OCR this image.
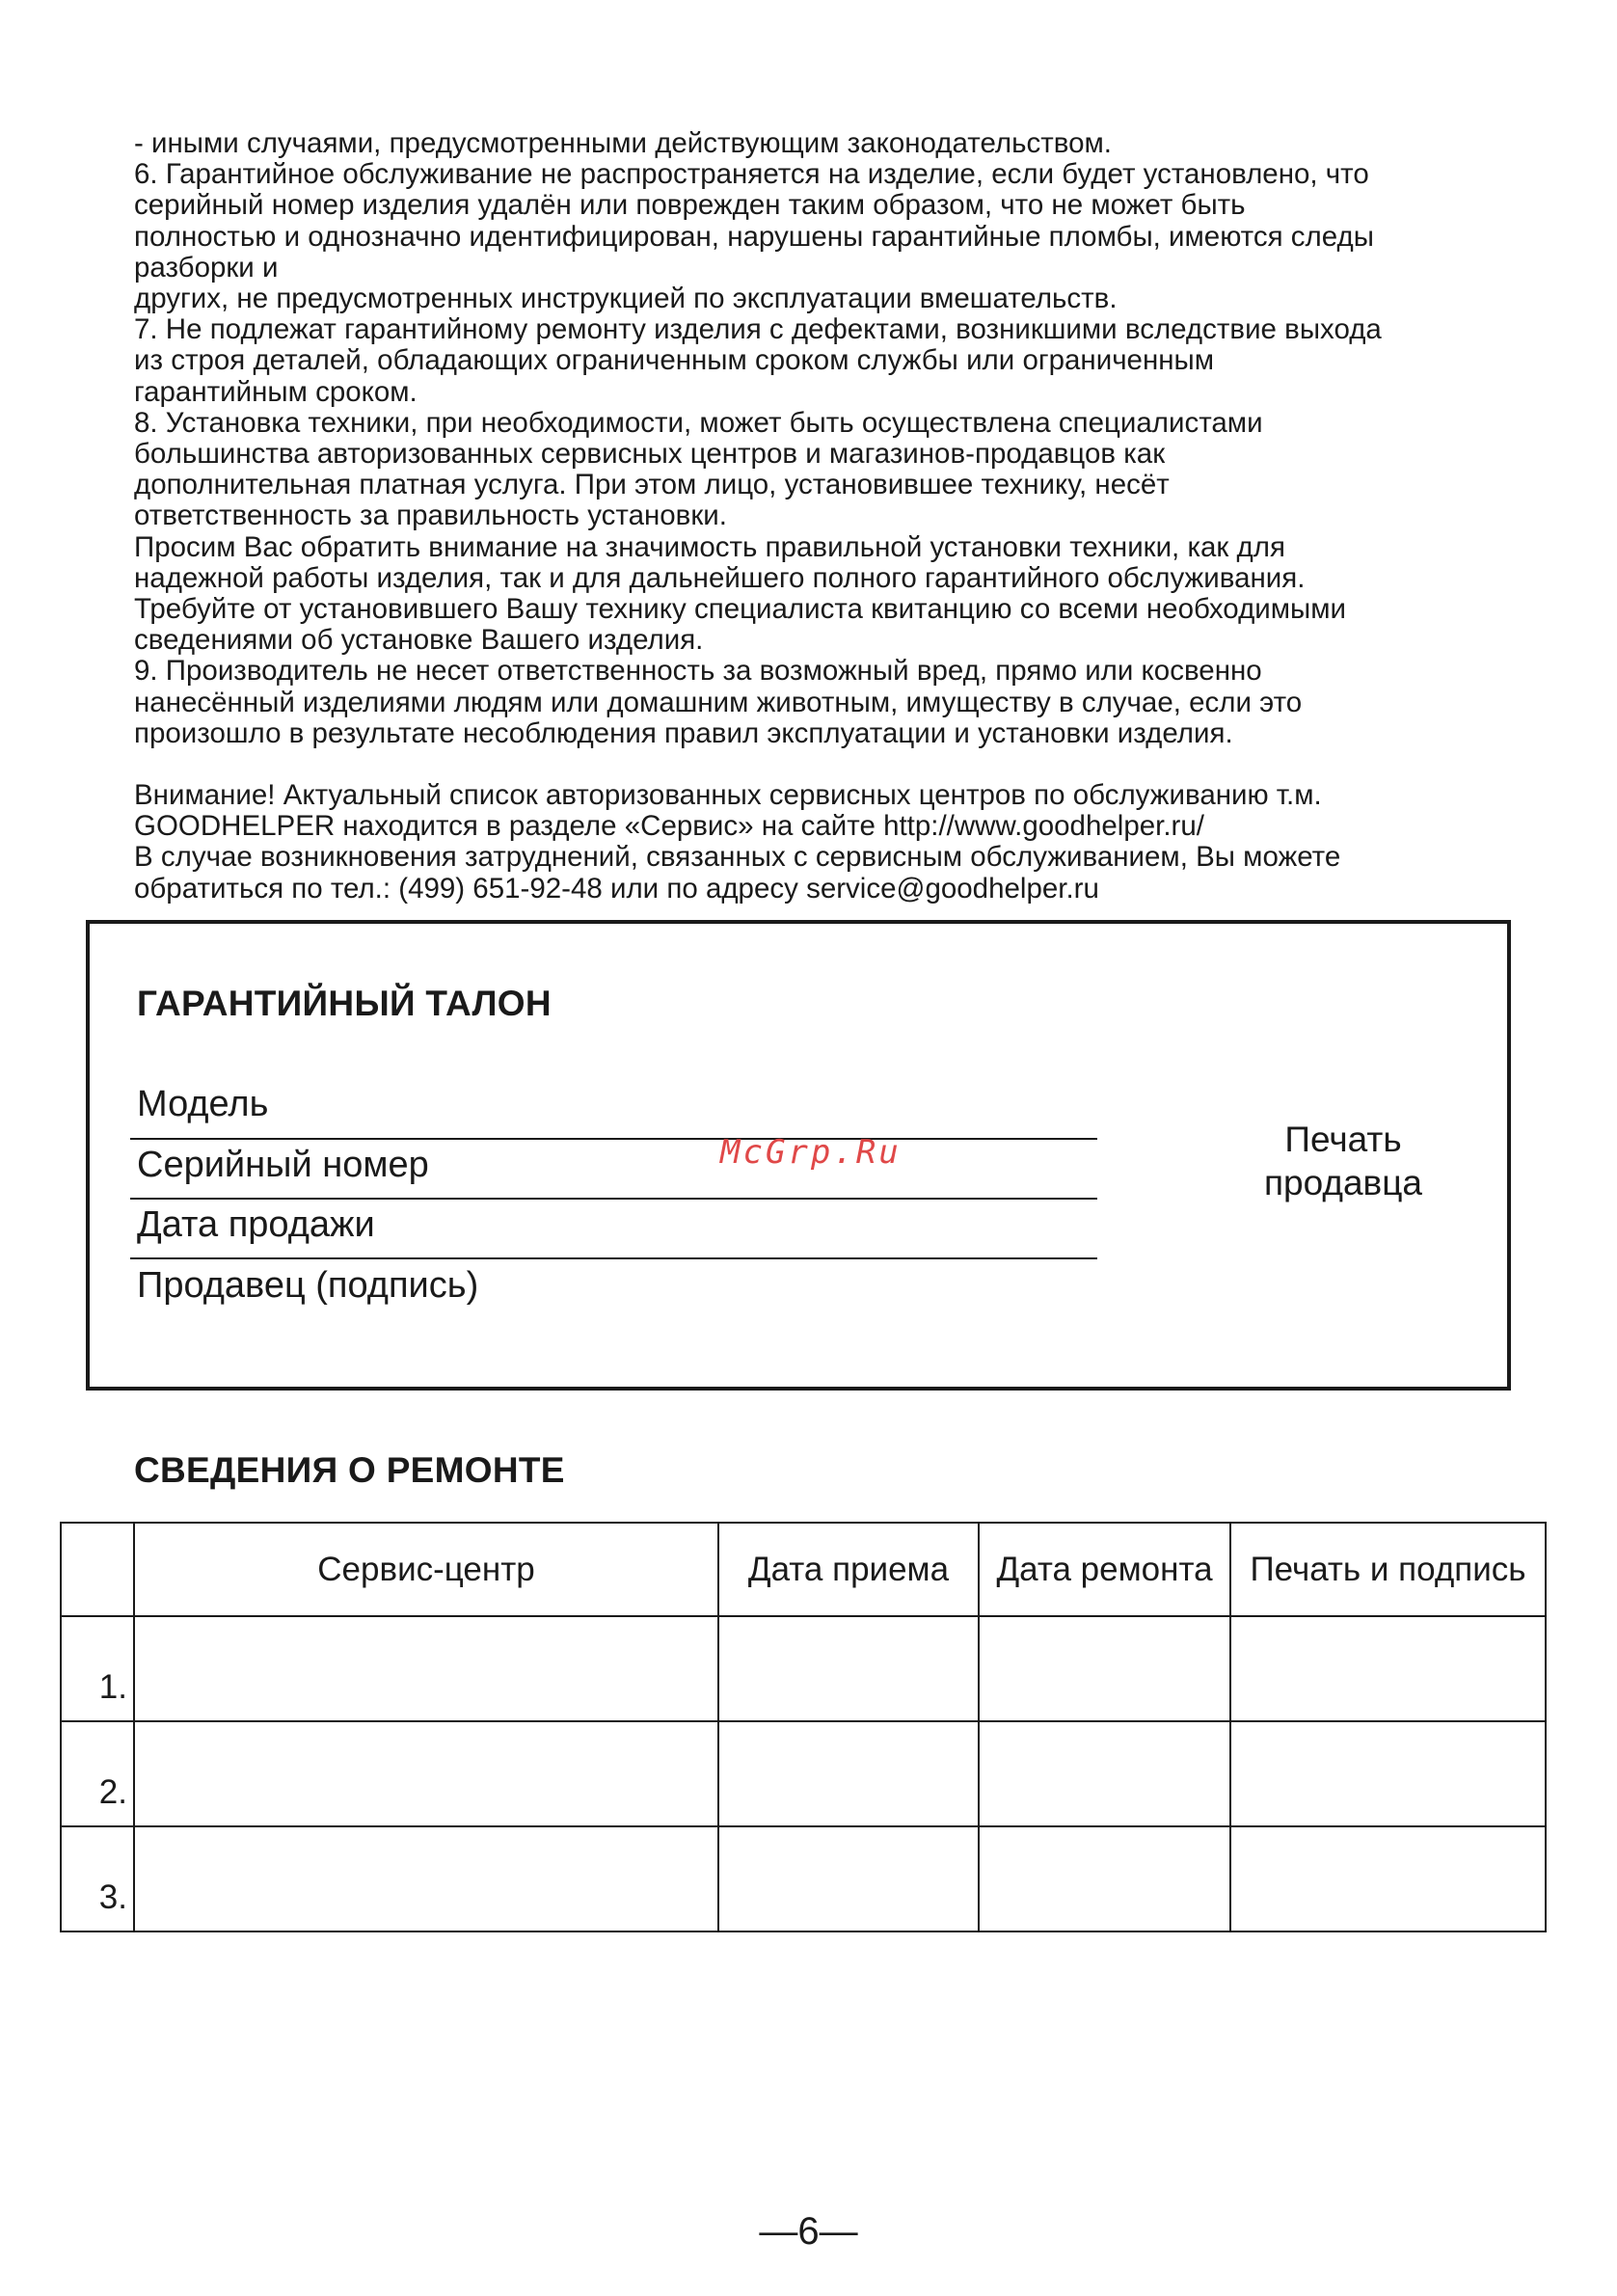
- иными случаями, предусмотренными действующим законодательством.
6. Гарантийное обслуживание не распространяется на изделие, если будет установлено, что
серийный номер изделия удалён или поврежден таким образом, что не может быть
полностью и однозначно идентифицирован, нарушены гарантийные пломбы, имеются следы
разборки и
других, не предусмотренных инструкцией по эксплуатации вмешательств.
7. Не подлежат гарантийному ремонту изделия с дефектами, возникшими вследствие выхода
из строя деталей, обладающих ограниченным сроком службы или ограниченным
гарантийным сроком.
8. Установка техники, при необходимости, может быть осуществлена специалистами
большинства авторизованных сервисных центров и магазинов-продавцов как
дополнительная платная услуга. При этом лицо, установившее технику, несёт
ответственность за правильность установки.
Просим Вас обратить внимание на значимость правильной установки техники, как для
надежной работы изделия, так и для дальнейшего полного гарантийного обслуживания.
Требуйте от установившего Вашу технику специалиста квитанцию со всеми необходимыми
сведениями об установке Вашего изделия.
9. Производитель не несет ответственность за возможный вред, прямо или косвенно
нанесённый изделиями людям или домашним животным, имуществу в случае, если это
произошло в результате несоблюдения правил эксплуатации и установки изделия.
Внимание! Актуальный список авторизованных сервисных центров по обслуживанию т.м.
GOODHELPER находится в разделе «Сервис» на сайте http://www.goodhelper.ru/
В случае возникновения затруднений, связанных с сервисным обслуживанием, Вы можете
обратиться по тел.: (499) 651-92-48 или по адресу service@goodhelper.ru
ГАРАНТИЙНЫЙ ТАЛОН
Модель
Серийный номер
Дата продажи
Продавец (подпись)
Печать
продавца
McGrp.Ru
СВЕДЕНИЯ О РЕМОНТЕ
	Сервис-центр	Дата приема	Дата ремонта	Печать и подпись
1.				
2.				
3.				
—6—
